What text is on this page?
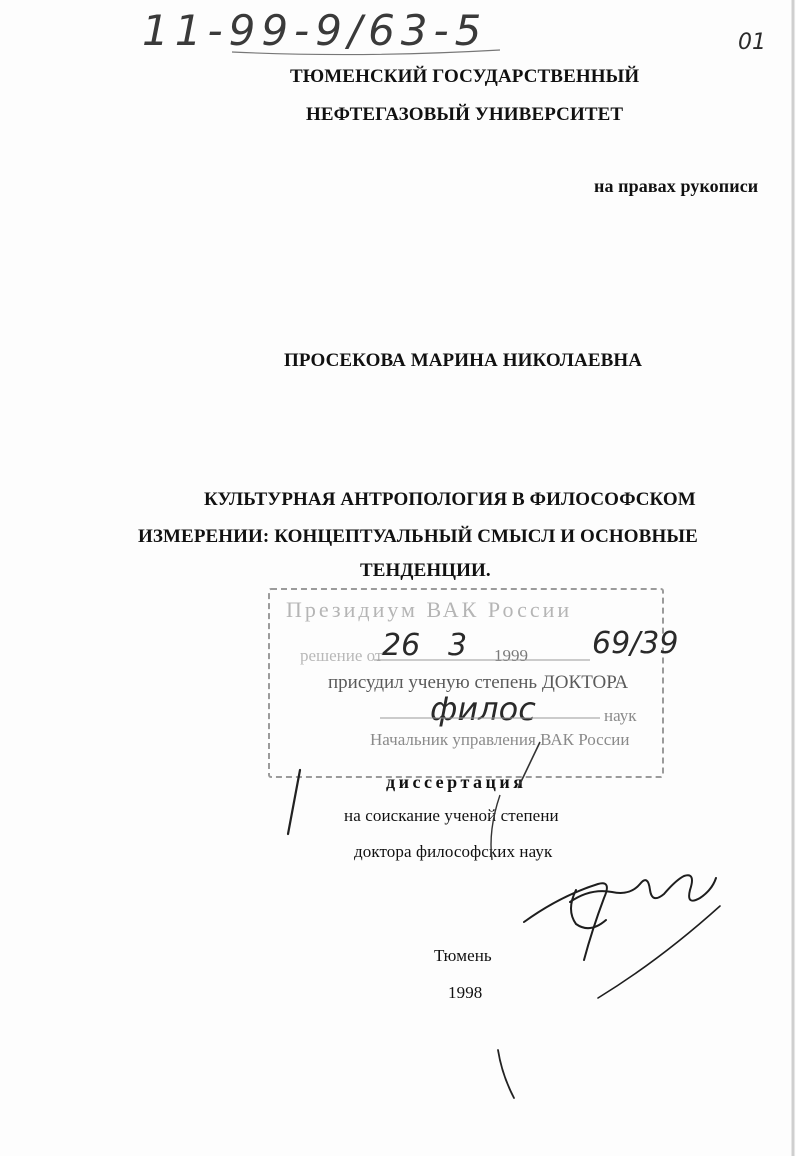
11-99-9/63-5	01
ТЮМЕНСКИЙ ГОСУДАРСТВЕННЫЙ
НЕФТЕГАЗОВЫЙ УНИВЕРСИТЕТ
на правах рукописи
ПРОСЕКОВА МАРИНА НИКОЛАЕВНА
КУЛЬТУРНАЯ АНТРОПОЛОГИЯ В ФИЛОСОФСКОМ
ИЗМЕРЕНИИ: КОНЦЕПТУАЛЬНЫЙ СМЫСЛ И ОСНОВНЫЕ
ТЕНДЕНЦИИ.
Президиум ВАК России
решение от 26 3 1999 69/39
присудил ученую степень ДОКТОРА
филос	наук
Начальник управления ВАК России
диссертация
на соискание ученой степени
доктора философских наук
Тюмень
1998
